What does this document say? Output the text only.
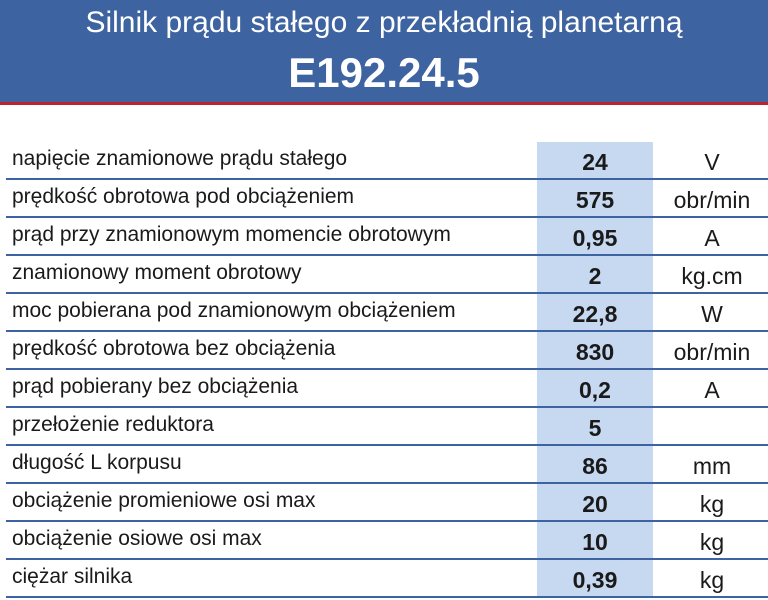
Silnik prądu stałego z przekładnią planetarną
E192.24.5
napięcie znamionowe prądu stałego	24	V
prędkość obrotowa pod obciążeniem	575	obr/min
prąd przy znamionowym momencie obrotowym	0,95	A
znamionowy moment obrotowy	2	kg.cm
moc pobierana pod znamionowym obciążeniem	22,8	W
prędkość obrotowa bez obciążenia	830	obr/min
prąd pobierany bez obciążenia	0,2	A
przełożenie reduktora	5
długość L korpusu	86	mm
obciążenie promieniowe osi max	20	kg
obciążenie osiowe osi max	10	kg
ciężar silnika	0,39	kg
